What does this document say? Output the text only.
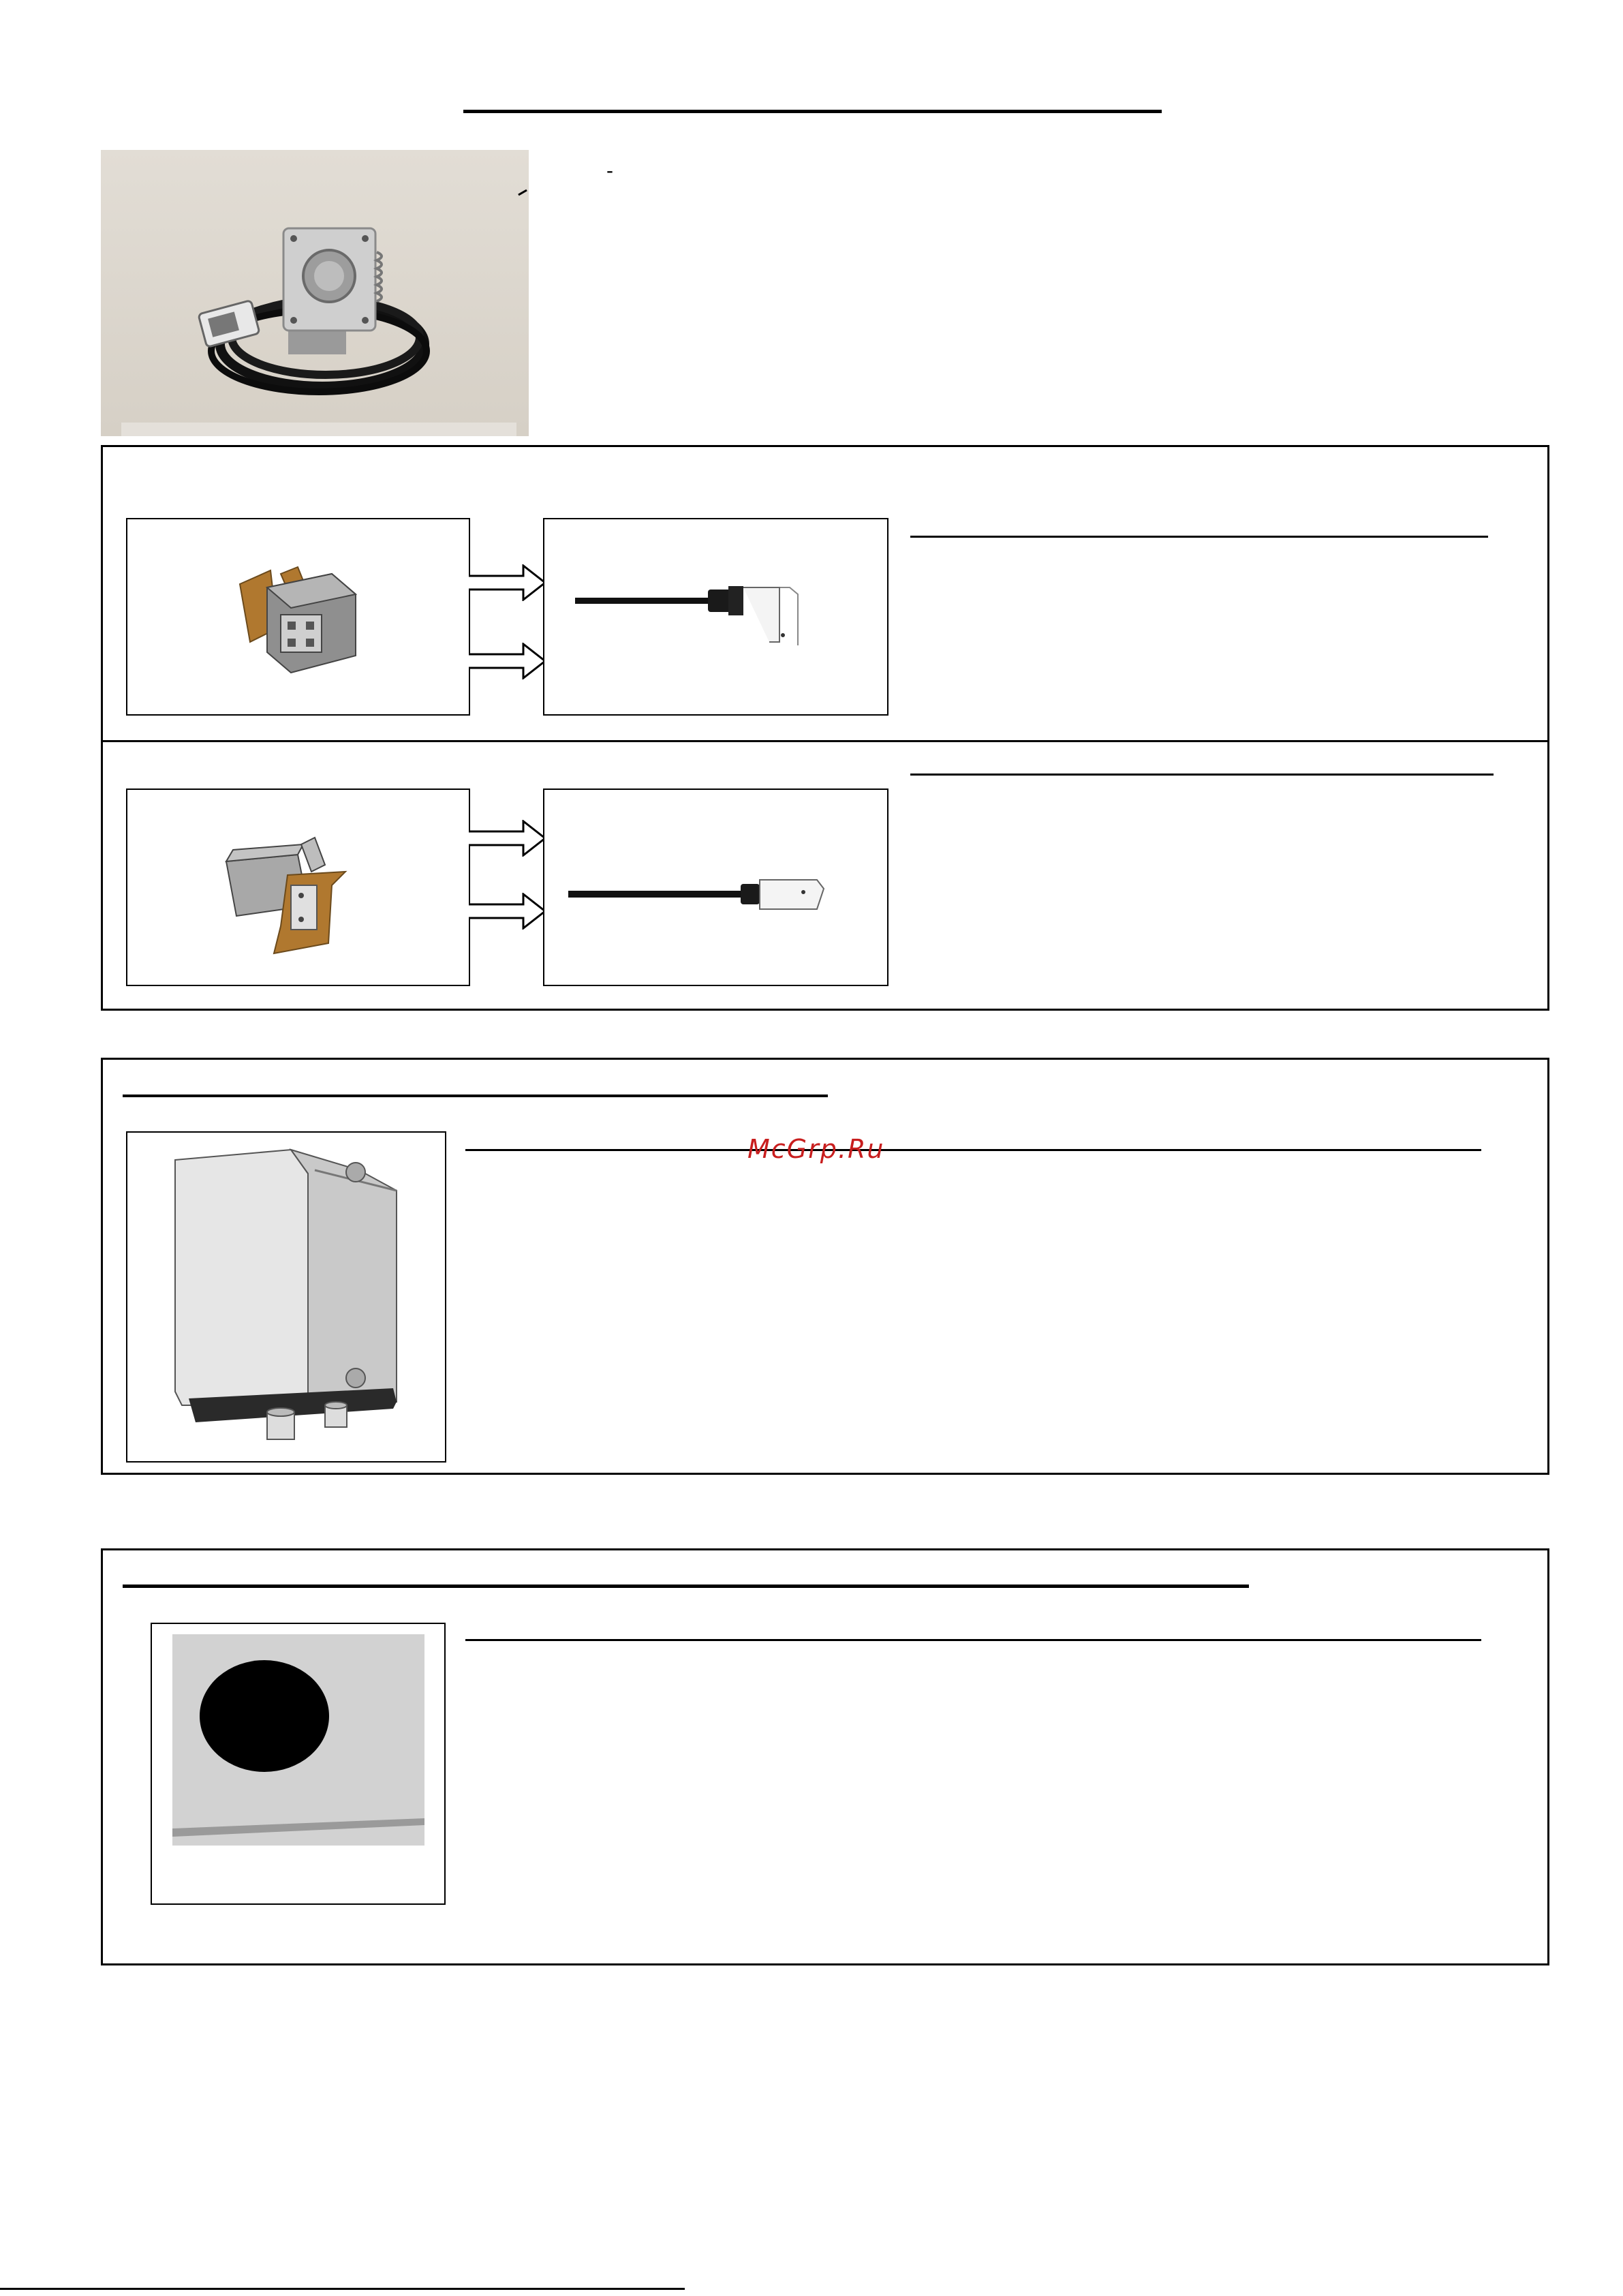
-
McGrp.Ru
